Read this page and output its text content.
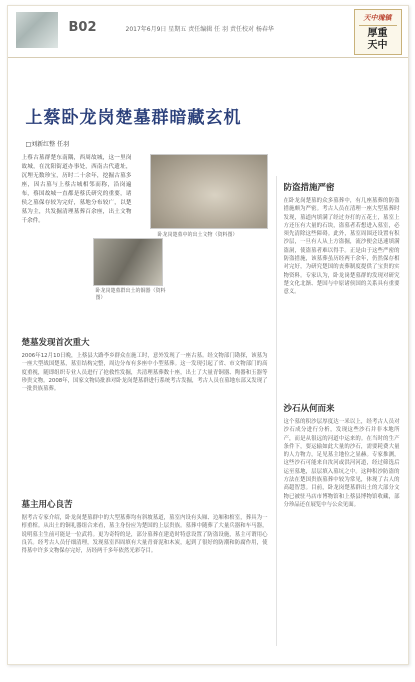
B02	2017年6月9日 星期五 责任编辑 任 羽 责任校对 杨春华
天中瑰镇
厚重
天中
上蔡卧龙岗楚墓群暗藏玄机
□刘新红整 任羽
上蔡古墓群楚东南隅，西周故城，这一里岗故城，在沈阳街道办事处，西南古代遗址，沉埋无数珍宝，历时二十余年，挖掘古墓多座，因古墓与上蔡古城相邻而称，沿岗遍布，蔡国故城一直都是蔡氏研究的重要，诸侯之墓保存较为完好，墓地分布较广，以楚墓为主，共发掘清理墓葬百余座，出土文物千余件。
卧龙岗楚墓中的出土文物（资料图）
卧龙岗楚墓群出土的铜器（资料图）
楚墓发现首次重大
2006年12月10日晚，上蔡县大路李乡群众在施工时，意外发现了一座古墓。经文物部门勘探，该墓为一座大型战国楚墓，墓室结构完整，周边分布有多座中小型墓葬。这一发现引起了省、市文物部门的高度重视，随即组织专业人员进行了抢救性发掘，共清理墓葬数十座，出土了大量青铜器、陶器和玉器等珍贵文物。2008年，国家文物局批准对卧龙岗楚墓群进行系统考古发掘，考古人员在墓地东部又发现了一批贵族墓葬。
墓主用心良苦
据考古专家介绍，卧龙岗楚墓群中的大型墓葬均有斜坡墓道，墓室内设有头厢、边厢和棺室，葬具为一椁重棺。从出土的铜礼器组合来看，墓主身份应为楚国的上层贵族。墓葬中随葬了大量兵器和车马器，说明墓主生前可能是一位武将。更为奇特的是，部分墓葬在建造时特意设置了防盗设施，墓主可谓用心良苦。经考古人员仔细清理，发现墓室四周填有大量青膏泥和木炭，起到了很好的防潮和防腐作用，使得墓中许多文物保存完好，历经两千多年依然光彩夺目。
防盗措施严密
在卧龙岗楚墓的众多墓葬中，有几座墓葬的防盗措施颇为严密。考古人员在清理一座大型墓葬时发现，墓道内填满了经过夯打的五花土，墓室上方还压有大量的石块，盗墓者若想进入墓室，必须先清除这些障碍。此外，墓室周围还设置有积沙层，一旦有人从上方盗掘，流沙便会迅速填满盗洞，使盗墓者难以得手。正是由于这些严密的防盗措施，该墓葬虽历经两千余年，仍然保存相对完好，为研究楚国的丧葬制度提供了宝贵的实物资料。专家认为，卧龙岗楚墓群的发现对研究楚文化北渐、楚国与中原诸侯国的关系具有重要意义。
沙石从何而来
这个墓的积沙层厚度达一米以上，经考古人员对沙石成分进行分析，发现这些沙石并非本地所产，而是从很远的河道中运来的。在当时的生产条件下，要运输如此大量的沙石，需要耗费大量的人力物力，足见墓主地位之显赫。专家推测，这些沙石可能来自汝河或洪河河道，经过筛选后运至墓地，层层填入墓坑之中。这种积沙防盗的方法在楚国贵族墓葬中较为常见，体现了古人的高超智慧。目前，卧龙岗楚墓群出土的大部分文物已被驻马店市博物馆和上蔡县博物馆收藏，部分珍品还在展览中与公众见面。
